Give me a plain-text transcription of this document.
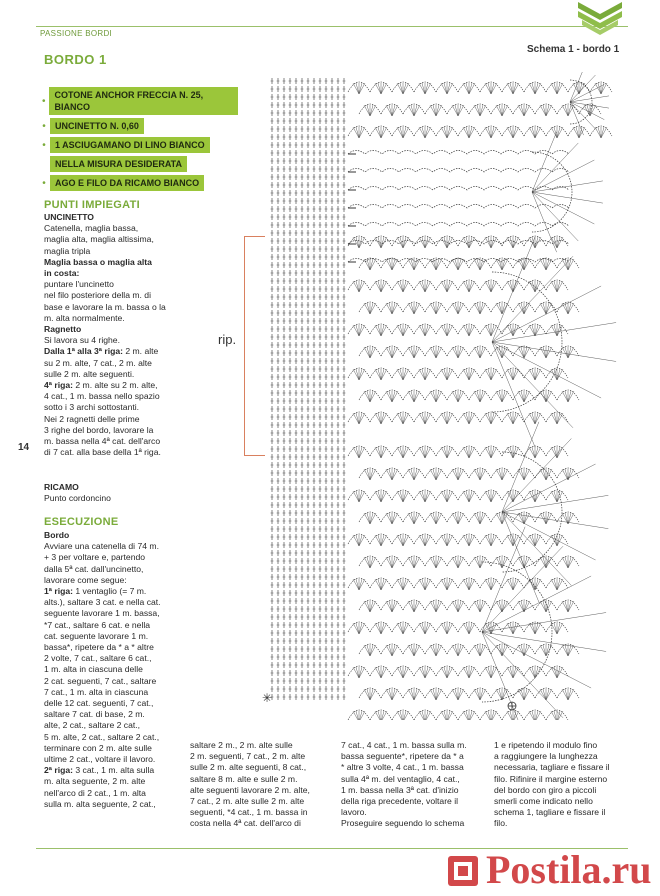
PASSIONE BORDI
BORDO 1
Schema 1 - bordo 1
•
COTONE ANCHOR FRECCIA N. 25, BIANCO
•	UNCINETTO N. 0,60
•	1 ASCIUGAMANO DI LINO BIANCO
NELLA MISURA DESIDERATA
•	AGO E FILO DA RICAMO BIANCO
PUNTI IMPIEGATI

UNCINETTO

Catenella, maglia bassa,

maglia alta, maglia altissima,

maglia tripla

Maglia bassa o maglia alta

in costa:

puntare l'uncinetto

nel filo posteriore della m. di

base e lavorare la m. bassa o la

m. alta normalmente.

Ragnetto

Si lavora su 4 righe.

Dalla 1ª alla 3ª riga: 2 m. alte

su 2 m. alte, 7 cat., 2 m. alte

sulle 2 m. alte seguenti.

4ª riga: 2 m. alte su 2 m. alte,

4 cat., 1 m. bassa nello spazio

sotto i 3 archi sottostanti.

Nei 2 ragnetti delle prime

3 righe del bordo, lavorare la

m. bassa nella 4ª cat. dell'arco

di 7 cat. alla base della 1ª riga.

14

RICAMO

Punto cordoncino

ESECUZIONE

Bordo

Avviare una catenella di 74 m.

+ 3 per voltare e, partendo

dalla 5ª cat. dall'uncinetto,

lavorare come segue:

1ª riga: 1 ventaglio (= 7 m.

alts.), saltare 3 cat. e nella cat.

seguente lavorare 1 m. bassa,

*7 cat., saltare 6 cat. e nella

cat. seguente lavorare 1 m.

bassa*, ripetere da * a * altre

2 volte, 7 cat., saltare 6 cat.,

1 m. alta in ciascuna delle

2 cat. seguenti, 7 cat., saltare

7 cat., 1 m. alta in ciascuna

delle 12 cat. seguenti, 7 cat.,

saltare 7 cat. di base, 2 m.

alte, 2 cat., saltare 2 cat.,

5 m. alte, 2 cat., saltare 2 cat.,

terminare con 2 m. alte sulle

ultime 2 cat., voltare il lavoro.

2ª riga: 3 cat., 1 m. alta sulla

m. alta seguente, 2 m. alte

nell'arco di 2 cat., 1 m. alta

sulla m. alta seguente, 2 cat.,

saltare 2 m., 2 m. alte sulle

2 m. seguenti, 7 cat., 2 m. alte

sulle 2 m. alte seguenti, 8 cat.,

saltare 8 m. alte e sulle 2 m.

alte seguenti lavorare 2 m. alte,

7 cat., 2 m. alte sulle 2 m. alte

seguenti, *4 cat., 1 m. bassa in

costa nella 4ª cat. dell'arco di

7 cat., 4 cat., 1 m. bassa sulla m.

bassa seguente*, ripetere da * a

* altre 3 volte, 4 cat., 1 m. bassa

sulla 4ª m. del ventaglio, 4 cat.,

1 m. bassa nella 3ª cat. d'inizio

della riga precedente, voltare il

lavoro.

Proseguire seguendo lo schema

1 e ripetendo il modulo fino

a raggiungere la lunghezza

necessaria, tagliare e fissare il

filo. Rifinire il margine esterno

del bordo con giro a piccoli

smerli come indicato nello

schema 1, tagliare e fissare il

filo.

rip.
✳
Postila.ru
